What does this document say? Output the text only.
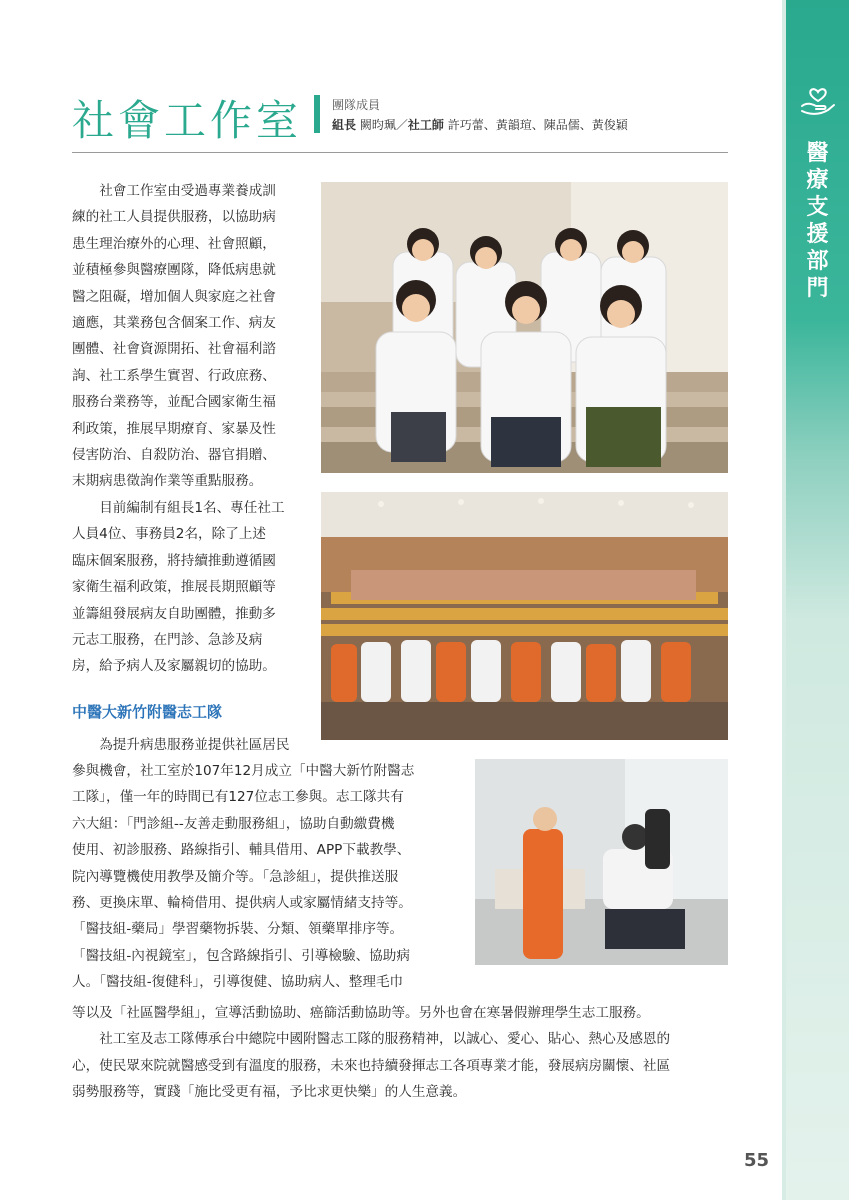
醫
療
支
援
部
門
社會工作室 團隊成員
組長 闕昀珮／社工師 許巧蕾、黃韻瑄、陳品儒、黃俊穎
社會工作室由受過專業養成訓
練的社工人員提供服務，以協助病
患生理治療外的心理、社會照顧，
並積極參與醫療團隊，降低病患就
醫之阻礙，增加個人與家庭之社會
適應，其業務包含個案工作、病友
團體、社會資源開拓、社會福利諮
詢、社工系學生實習、行政庶務、
服務台業務等，並配合國家衛生福
利政策，推展早期療育、家暴及性
侵害防治、自殺防治、器官捐贈、
末期病患徵詢作業等重點服務。
目前編制有組長1名、專任社工
人員4位、事務員2名，除了上述
臨床個案服務，將持續推動遵循國
家衛生福利政策，推展長期照顧等
並籌組發展病友自助團體，推動多
元志工服務，在門診、急診及病
房，給予病人及家屬親切的協助。
中醫大新竹附醫志工隊
為提升病患服務並提供社區居民
參與機會，社工室於107年12月成立「中醫大新竹附醫志
工隊」，僅一年的時間已有127位志工參與。志工隊共有
六大組：「門診組--友善走動服務組」，協助自動繳費機
使用、初診服務、路線指引、輔具借用、APP下載教學、
院內導覽機使用教學及簡介等。「急診組」，提供推送服
務、更換床單、輪椅借用、提供病人或家屬情緒支持等。
「醫技組-藥局」學習藥物拆裝、分類、領藥單排序等。
「醫技組-內視鏡室」，包含路線指引、引導檢驗、協助病
人。「醫技組-復健科」，引導復健、協助病人、整理毛巾
等以及「社區醫學組」，宣導活動協助、癌篩活動協助等。另外也會在寒暑假辦理學生志工服務。
社工室及志工隊傳承台中總院中國附醫志工隊的服務精神，以誠心、愛心、貼心、熱心及感恩的
心，使民眾來院就醫感受到有溫度的服務，未來也持續發揮志工各項專業才能，發展病房關懷、社區
弱勢服務等，實踐「施比受更有福，予比求更快樂」的人生意義。
55
